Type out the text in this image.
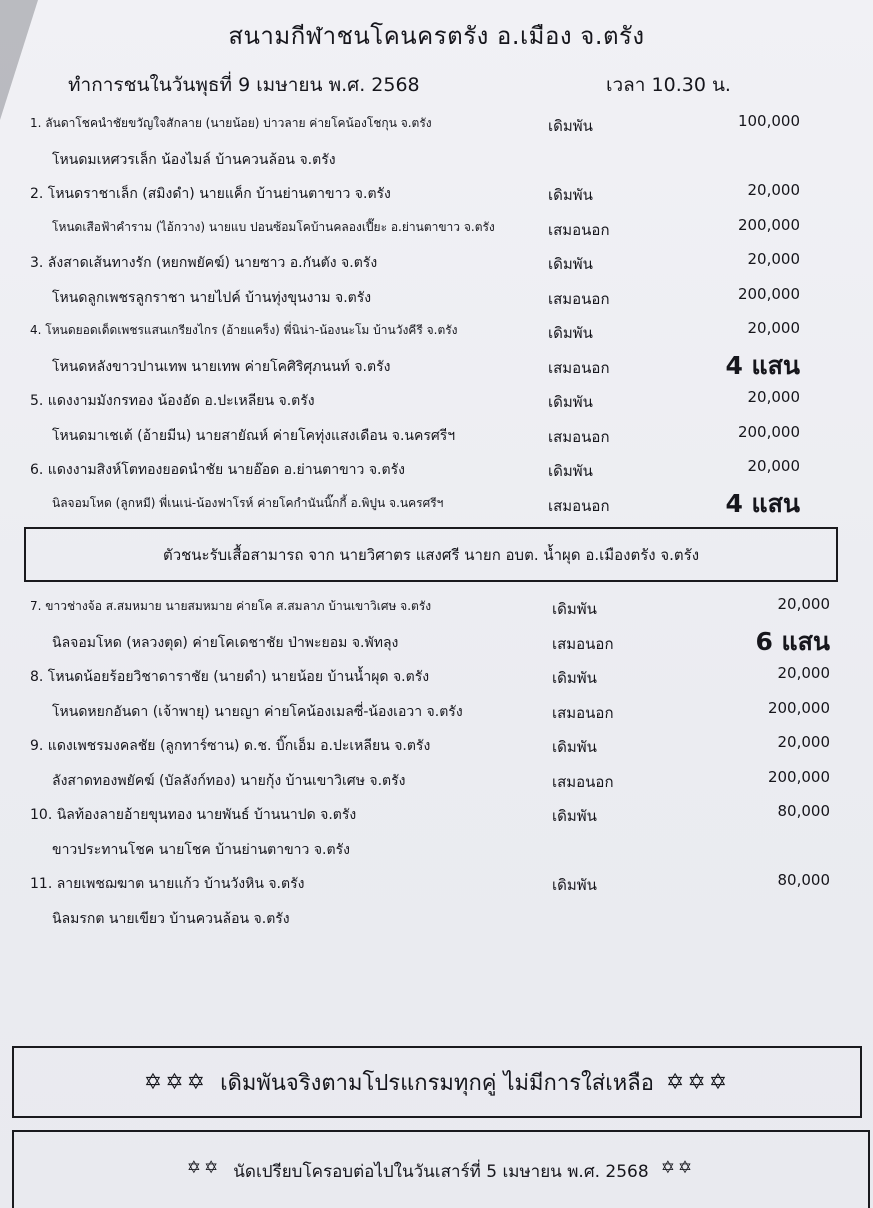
สนามกีฬาชนโคนครตรัง อ.เมือง จ.ตรัง
ทำการชนในวันพุธที่ 9 เมษายน พ.ศ. 2568	เวลา 10.30 น.
1. ลันดาโชคนำชัยขวัญใจสักลาย (นายน้อย) บ่าวลาย ค่ายโคน้องโชกุน จ.ตรัง	เดิมพัน	100,000
โหนดมเหศวรเล็ก น้องไมล์ บ้านควนล้อน จ.ตรัง
2. โหนดราชาเล็ก (สมิงดำ) นายแค็ก บ้านย่านตาขาว จ.ตรัง	เดิมพัน	20,000
โหนดเสือฟ้าคำราม (ไอ้กวาง) นายแบ ปอนซ้อมโคบ้านคลองเปี๊ยะ อ.ย่านตาขาว จ.ตรัง	เสมอนอก	200,000
3. ลังสาดเส้นทางรัก (หยกพยัคฆ์) นายซาว อ.กันตัง จ.ตรัง	เดิมพัน	20,000
โหนดลูกเพชรลูกราชา นายไปค์ บ้านทุ่งขุนงาม จ.ตรัง	เสมอนอก	200,000
4. โหนดยอดเด็ดเพชรแสนเกรียงไกร (อ้ายแคร็ง) พี่นิน่า-น้องนะโม บ้านวังคีรี จ.ตรัง	เดิมพัน	20,000
โหนดหลังขาวปานเทพ นายเทพ ค่ายโคศิริศุภนนท์ จ.ตรัง	เสมอนอก	4 แสน
5. แดงงามมังกรทอง น้องอัด อ.ปะเหลียน จ.ตรัง	เดิมพัน	20,000
โหนดมาเชเต้ (อ้ายมีน) นายสายัณห์ ค่ายโคทุ่งแสงเดือน จ.นครศรีฯ	เสมอนอก	200,000
6. แดงงามสิงห์โตทองยอดนำชัย นายอ๊อด อ.ย่านตาขาว จ.ตรัง	เดิมพัน	20,000
นิลจอมโหด (ลูกหมี) พี่เนเน่-น้องฟาโรห์ ค่ายโคกำนันนิ๊กกี้ อ.พิปูน จ.นครศรีฯ	เสมอนอก	4 แสน
ตัวชนะรับเสื้อสามารถ จาก นายวิศาตร แสงศรี นายก อบต. น้ำผุด อ.เมืองตรัง จ.ตรัง
7. ขาวช่างจ้อ ส.สมหมาย นายสมหมาย ค่ายโค ส.สมลาภ บ้านเขาวิเศษ จ.ตรัง	เดิมพัน	20,000
นิลจอมโหด (หลวงตุด) ค่ายโคเดชาชัย ป่าพะยอม จ.พัทลุง	เสมอนอก	6 แสน
8. โหนดน้อยร้อยวิชาดาราชัย (นายดำ) นายน้อย บ้านน้ำผุด จ.ตรัง	เดิมพัน	20,000
โหนดหยกอันดา (เจ้าพายุ) นายญา ค่ายโคน้องเมลซี่-น้องเอวา จ.ตรัง	เสมอนอก	200,000
9. แดงเพชรมงคลชัย (ลูกทาร์ซาน) ด.ช. บิ๊กเอ็ม อ.ปะเหลียน จ.ตรัง	เดิมพัน	20,000
ลังสาดทองพยัคฆ์ (บัลลังก์ทอง) นายกุ้ง บ้านเขาวิเศษ จ.ตรัง	เสมอนอก	200,000
10. นิลท้องลายอ้ายขุนทอง นายพันธ์ บ้านนาปด จ.ตรัง	เดิมพัน	80,000
ขาวประทานโชค นายโชค บ้านย่านตาขาว จ.ตรัง
11. ลายเพชฌฆาต นายแก้ว บ้านวังหิน จ.ตรัง	เดิมพัน	80,000
นิลมรกต นายเขียว บ้านควนล้อน จ.ตรัง
✡✡✡ เดิมพันจริงตามโปรแกรมทุกคู่ ไม่มีการใส่เหลือ ✡✡✡
✡✡ นัดเปรียบโครอบต่อไปในวันเสาร์ที่ 5 เมษายน พ.ศ. 2568 ✡✡
